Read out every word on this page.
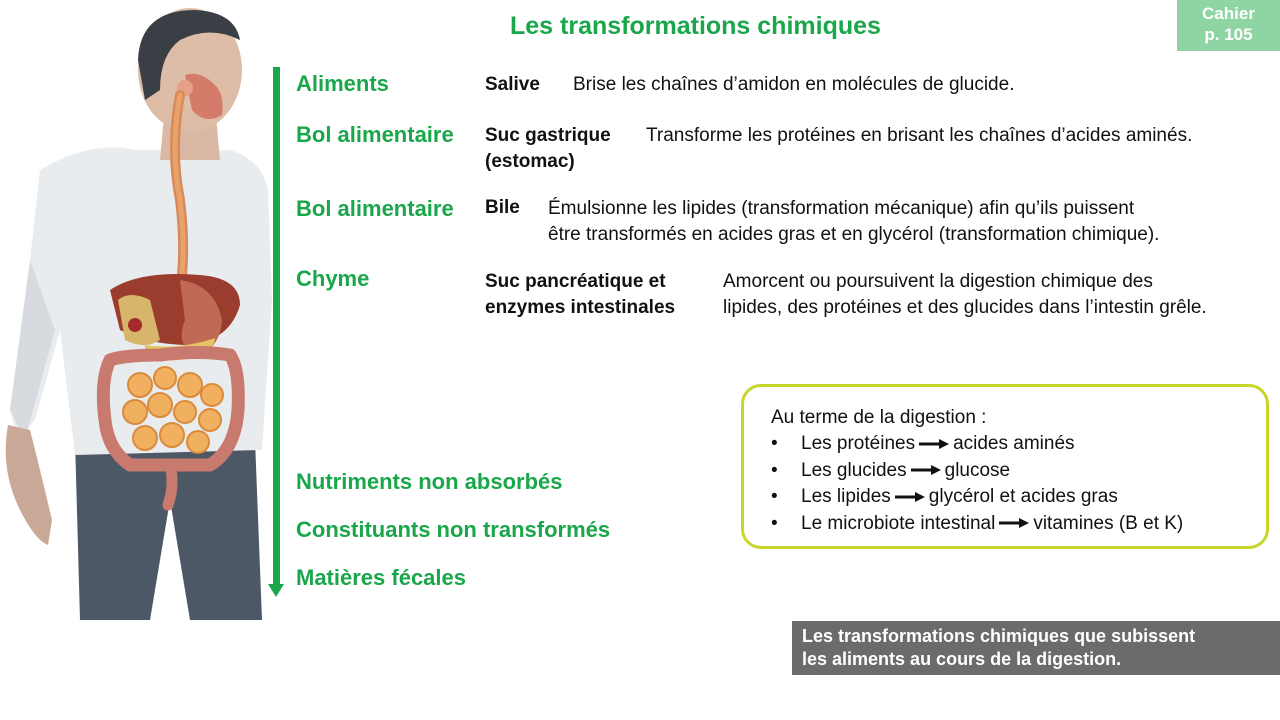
Les transformations chimiques	Cahier
p. 105
Aliments
Bol alimentaire
Bol alimentaire
Chyme
Nutriments non absorbés
Constituants non transformés
Matières fécales
Salive Brise les chaînes d’amidon en molécules de glucide.
Suc gastrique
(estomac)
Transforme les protéines en brisant les chaînes d’acides aminés.
Bile Émulsionne les lipides (transformation mécanique) afin qu’ils puissent
être transformés en acides gras et en glycérol (transformation chimique).
Suc pancréatique et
enzymes intestinales
Amorcent ou poursuivent la digestion chimique des
lipides, des protéines et des glucides dans l’intestin grêle.
Au terme de la digestion :
• Les protéines acides aminés
• Les glucides glucose
• Les lipides glycérol et acides gras
• Le microbiote intestinal vitamines (B et K)
Les transformations chimiques que subissent
les aliments au cours de la digestion.
